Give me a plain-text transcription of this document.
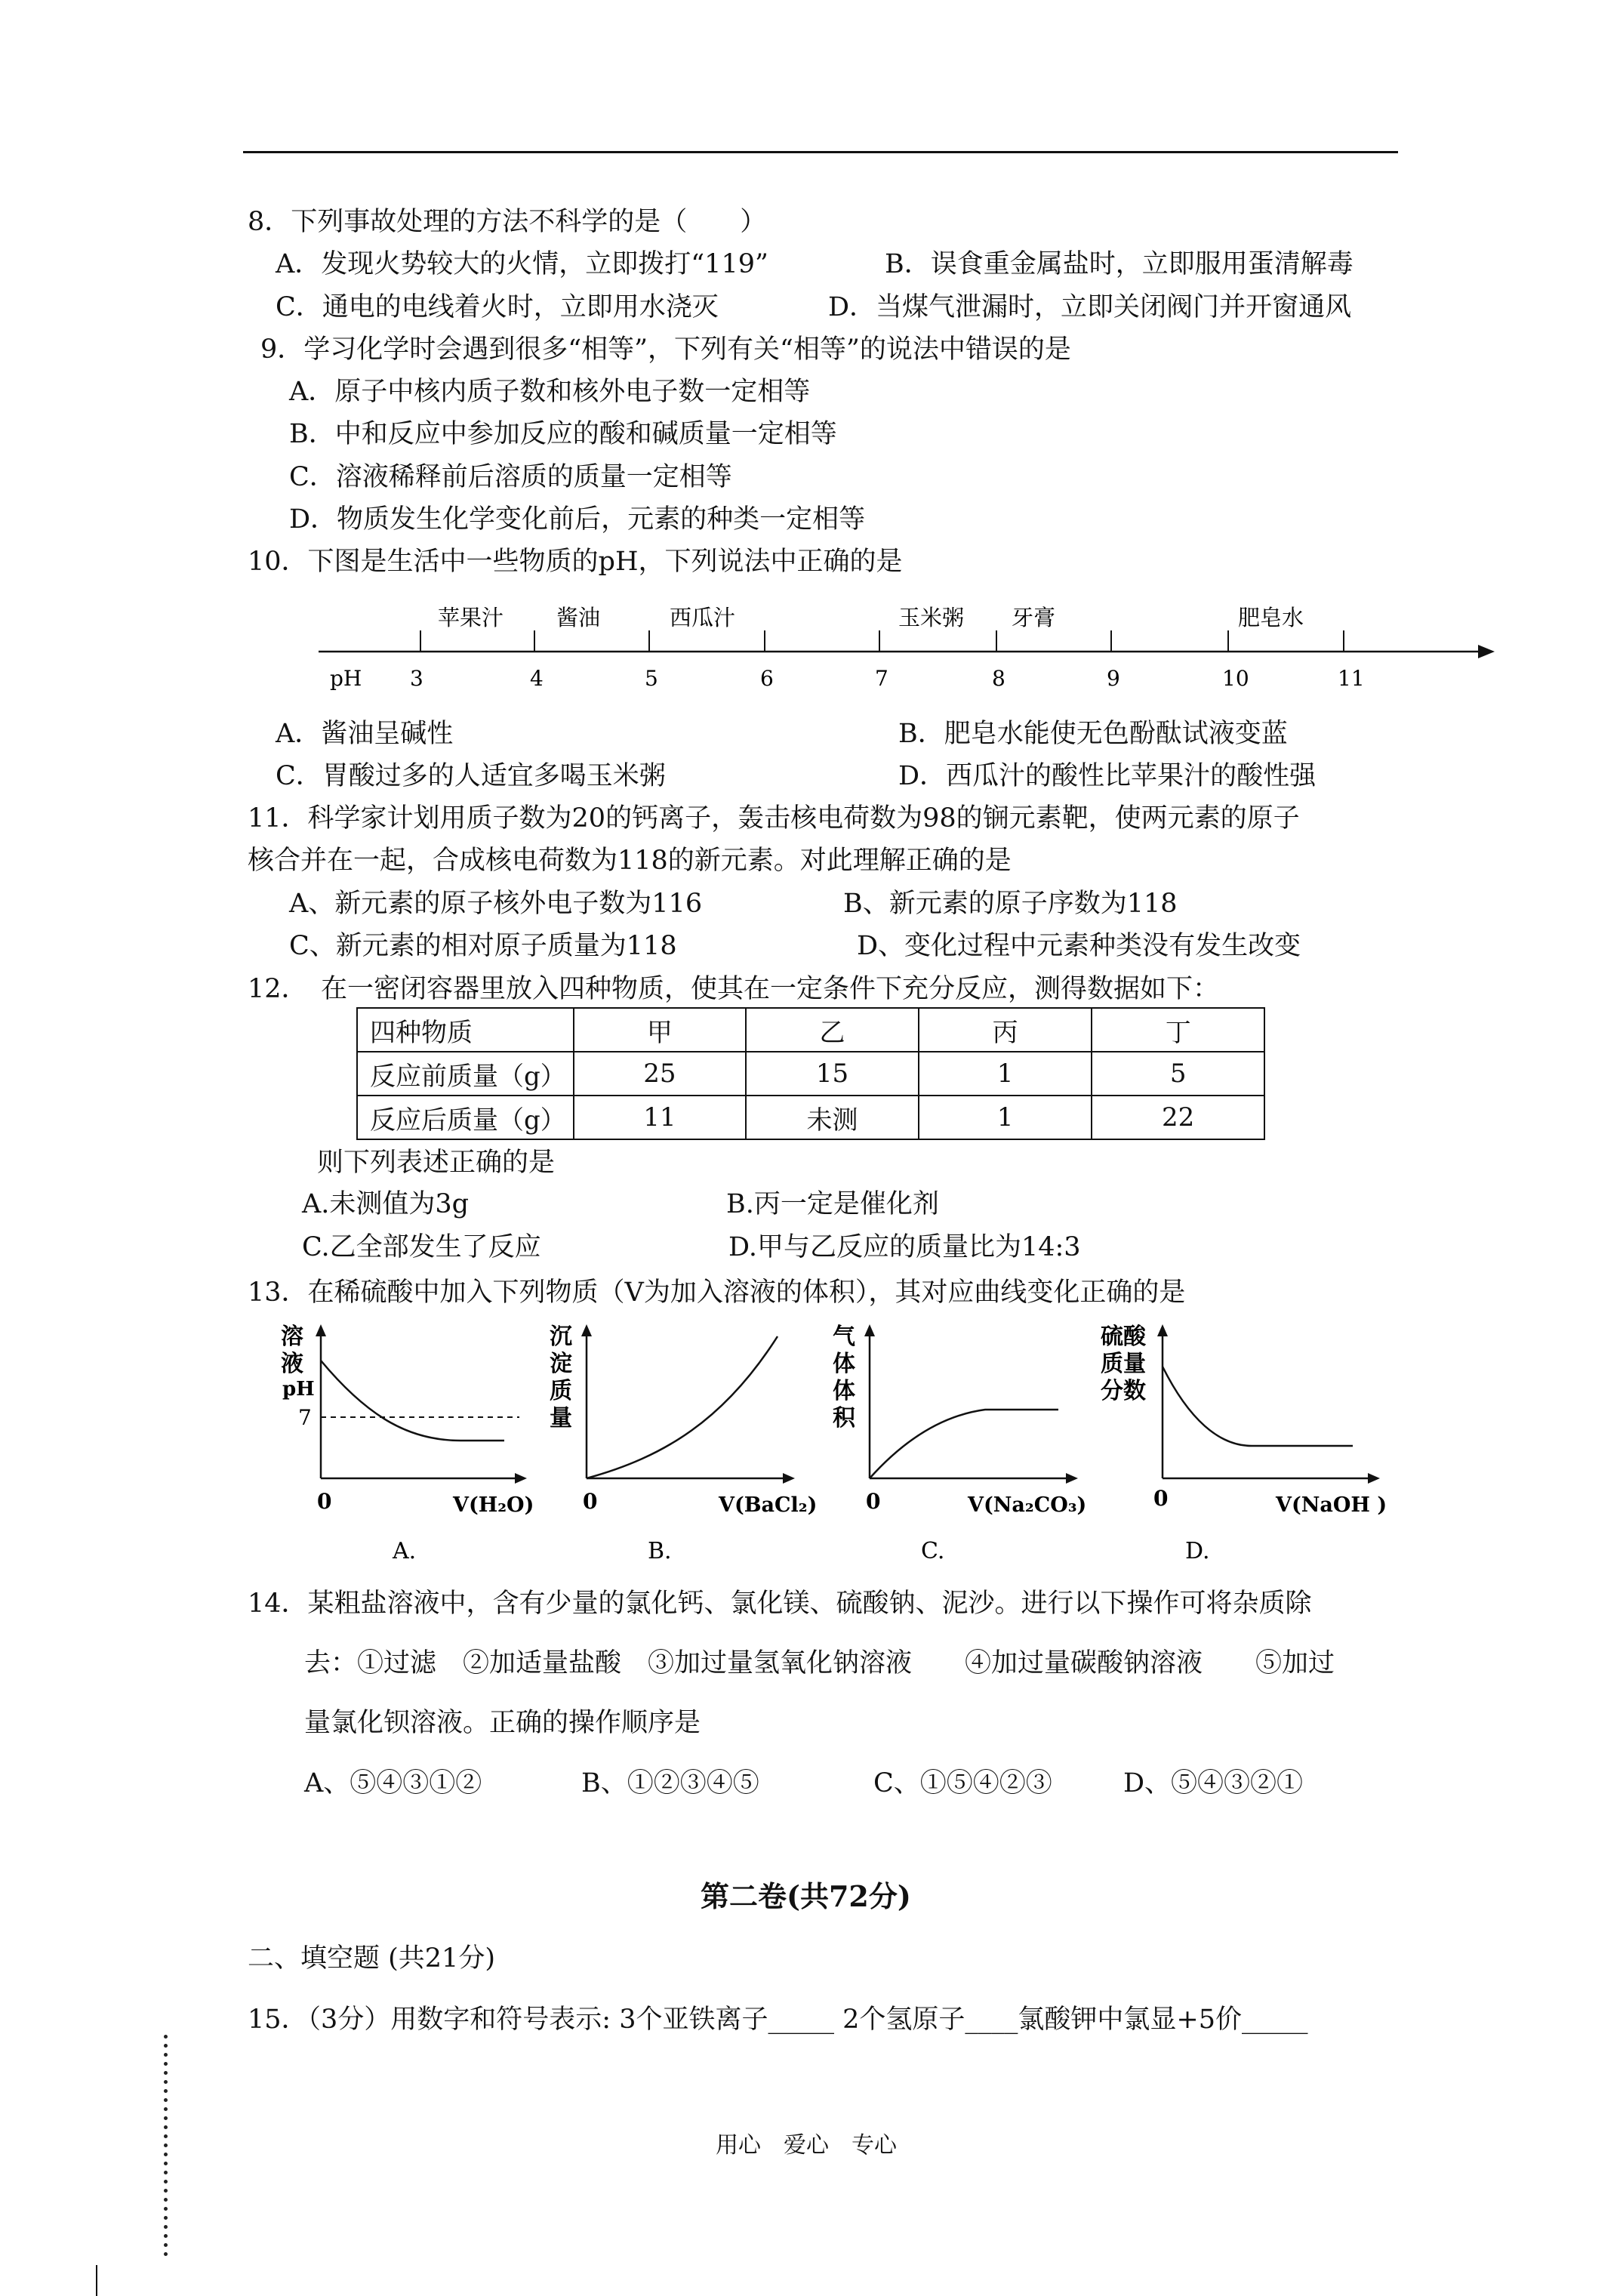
8．下列事故处理的方法不科学的是（　　）
A．发现火势较大的火情，立即拨打“119”	B．误食重金属盐时，立即服用蛋清解毒
C．通电的电线着火时，立即用水浇灭	D．当煤气泄漏时，立即关闭阀门并开窗通风
9．学习化学时会遇到很多“相等”，下列有关“相等”的说法中错误的是
A．原子中核内质子数和核外电子数一定相等
B．中和反应中参加反应的酸和碱质量一定相等
C．溶液稀释前后溶质的质量一定相等
D．物质发生化学变化前后，元素的种类一定相等
10．下图是生活中一些物质的pH，下列说法中正确的是
pH 3	4	5	6	7	8	9	10	11
苹果汁 酱油	西瓜汁	玉米粥 牙膏	肥皂水
A．酱油呈碱性	B．肥皂水能使无色酚酞试液变蓝
C．胃酸过多的人适宜多喝玉米粥	D．西瓜汁的酸性比苹果汁的酸性强
11．科学家计划用质子数为20的钙离子，轰击核电荷数为98的锎元素靶，使两元素的原子
核合并在一起，合成核电荷数为118的新元素。对此理解正确的是
A、新元素的原子核外电子数为116	B、新元素的原子序数为118
C、新元素的相对原子质量为118	D、变化过程中元素种类没有发生改变
12．　在一密闭容器里放入四种物质，使其在一定条件下充分反应，测得数据如下：
四种物质	甲	乙	丙	丁
反应前质量（g）	25	15	1	5
反应后质量（g）	11	未测	1	22
则下列表述正确的是
A.未测值为3g	B.丙一定是催化剂
C.乙全部发生了反应	D.甲与乙反应的质量比为14:3
13．在稀硫酸中加入下列物质（V为加入溶液的体积），其对应曲线变化正确的是
溶
液
pH
7
0	V(H₂O)
A.
沉
淀
质
量
0	V(BaCl₂)
B.
气
体
体
积
0	V(Na₂CO₃)
C.
硫酸
质量
分数
0	V(NaOH )
D.
14．某粗盐溶液中，含有少量的氯化钙、氯化镁、硫酸钠、泥沙。进行以下操作可将杂质除
去：①过滤　②加适量盐酸　③加过量氢氧化钠溶液　　④加过量碳酸钠溶液　　⑤加过
量氯化钡溶液。正确的操作顺序是
A、⑤④③①②	B、①②③④⑤	C、①⑤④②③	D、⑤④③②①
第二卷(共72分)
二、填空题 (共21分)
15．（3分）用数字和符号表示: 3个亚铁离子_____ 2个氢原子____氯酸钾中氯显+5价_____
用心　爱心　专心
